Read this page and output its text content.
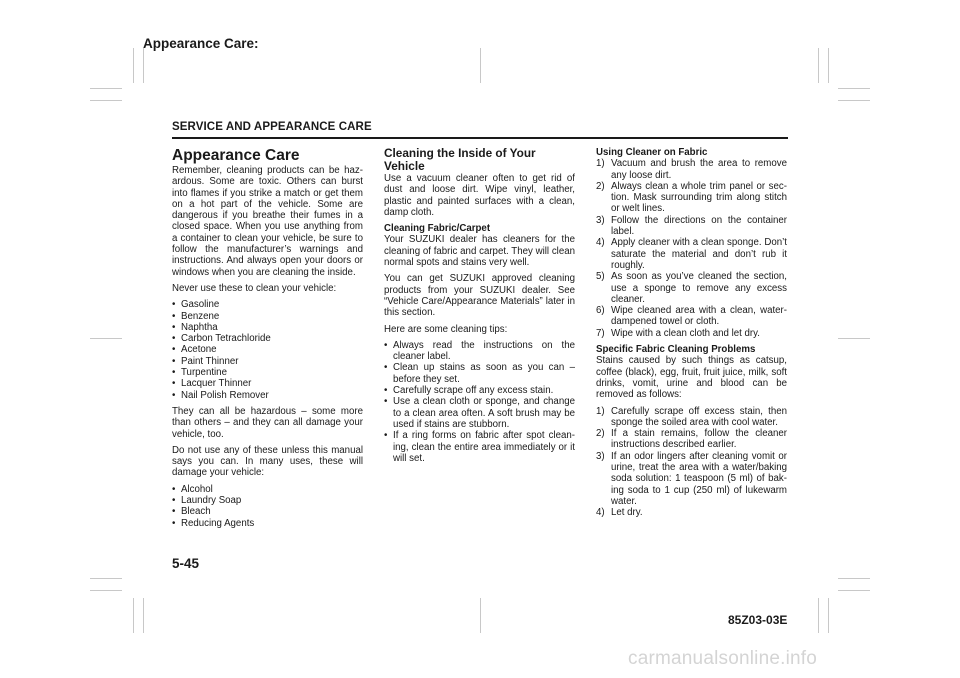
Appearance Care:
SERVICE AND APPEARANCE CARE
Appearance Care

Remember, cleaning products can be hazardous. Some are toxic. Others can burst into flames if you strike a match or get them on a hot part of the vehicle. Some are dangerous if you breathe their fumes in a closed space. When you use anything from a container to clean your vehicle, be sure to follow the manufacturer’s warnings and instructions. And always open your doors or windows when you are cleaning the inside.

Never use these to clean your vehicle:

• Gasoline
• Benzene
• Naphtha
• Carbon Tetrachloride
• Acetone
• Paint Thinner
• Turpentine
• Lacquer Thinner
• Nail Polish Remover

They can all be hazardous – some more than others – and they can all damage your vehicle, too.

Do not use any of these unless this manual says you can. In many uses, these will damage your vehicle:

• Alcohol
• Laundry Soap
• Bleach
• Reducing Agents
Cleaning the Inside of Your Vehicle

Use a vacuum cleaner often to get rid of dust and loose dirt. Wipe vinyl, leather, plastic and painted surfaces with a clean, damp cloth.

Cleaning Fabric/Carpet

Your SUZUKI dealer has cleaners for the cleaning of fabric and carpet. They will clean normal spots and stains very well.

You can get SUZUKI approved cleaning products from your SUZUKI dealer. See “Vehicle Care/Appearance Materials” later in this section.

Here are some cleaning tips:

• Always read the instructions on the cleaner label.
• Clean up stains as soon as you can – before they set.
• Carefully scrape off any excess stain.
• Use a clean cloth or sponge, and change to a clean area often. A soft brush may be used if stains are stubborn.
• If a ring forms on fabric after spot cleaning, clean the entire area immediately or it will set.
Using Cleaner on Fabric
1) Vacuum and brush the area to remove any loose dirt.
2) Always clean a whole trim panel or section. Mask surrounding trim along stitch or welt lines.
3) Follow the directions on the container label.
4) Apply cleaner with a clean sponge. Don’t saturate the material and don’t rub it roughly.
5) As soon as you’ve cleaned the section, use a sponge to remove any excess cleaner.
6) Wipe cleaned area with a clean, water-dampened towel or cloth.
7) Wipe with a clean cloth and let dry.
Specific Fabric Cleaning Problems

Stains caused by such things as catsup, coffee (black), egg, fruit, fruit juice, milk, soft drinks, vomit, urine and blood can be removed as follows:

1) Carefully scrape off excess stain, then sponge the soiled area with cool water.
2) If a stain remains, follow the cleaner instructions described earlier.
3) If an odor lingers after cleaning vomit or urine, treat the area with a water/baking soda solution: 1 teaspoon (5 ml) of baking soda to 1 cup (250 ml) of lukewarm water.
4) Let dry.
5-45
85Z03-03E
carmanualsonline.info
